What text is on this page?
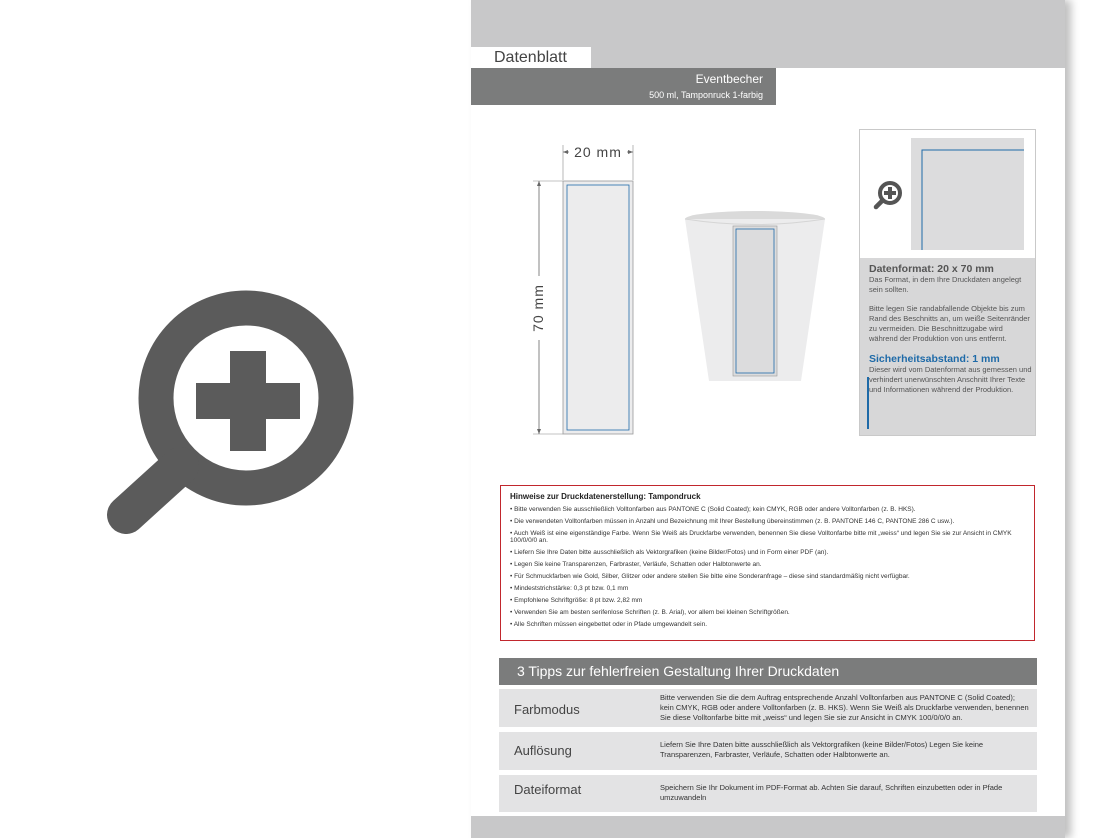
Datenblatt
Eventbecher
500 ml, Tamponruck 1-farbig
20 mm
70 mm
Datenformat: 20 x 70 mm

Das Format, in dem Ihre Druckdaten angelegt sein sollten.

Bitte legen Sie randabfallende Objekte bis zum Rand des Beschnitts an, um weiße Seitenränder zu vermeiden. Die Beschnittzugabe wird während der Produktion von uns entfernt.

Sicherheitsabstand: 1 mm

Dieser wird vom Datenformat aus gemessen und verhindert unerwünschten Anschnitt Ihrer Texte und Informationen während der Produktion.

Hinweise zur Druckdatenerstellung: Tampondruck
• Bitte verwenden Sie ausschließlich Volltonfarben aus PANTONE C (Solid Coated); kein CMYK, RGB oder andere Volltonfarben (z. B. HKS).
• Die verwendeten Volltonfarben müssen in Anzahl und Bezeichnung mit Ihrer Bestellung übereinstimmen (z. B. PANTONE 146 C, PANTONE 286 C usw.).
• Auch Weiß ist eine eigenständige Farbe. Wenn Sie Weiß als Druckfarbe verwenden, benennen Sie diese Volltonfarbe bitte mit „weiss“ und legen Sie sie zur Ansicht in CMYK 100/0/0/0 an.
• Liefern Sie Ihre Daten bitte ausschließlich als Vektorgrafiken (keine Bilder/Fotos) und in Form einer PDF (an).
• Legen Sie keine Transparenzen, Farbraster, Verläufe, Schatten oder Halbtonwerte an.
• Für Schmuckfarben wie Gold, Silber, Glitzer oder andere stellen Sie bitte eine Sonderanfrage – diese sind standardmäßig nicht verfügbar.
• Mindeststrichstärke: 0,3 pt bzw. 0,1 mm
• Empfohlene Schriftgröße: 8 pt bzw. 2,82 mm
• Verwenden Sie am besten serifenlose Schriften (z. B. Arial), vor allem bei kleinen Schriftgrößen.
• Alle Schriften müssen eingebettet oder in Pfade umgewandelt sein.
3 Tipps zur fehlerfreien Gestaltung Ihrer Druckdaten
Farbmodus
Bitte verwenden Sie die dem Auftrag entsprechende Anzahl Volltonfarben aus PANTONE C (Solid Coated); kein CMYK, RGB oder andere Volltonfarben (z. B. HKS). Wenn Sie Weiß als Druckfarbe verwenden, benennen Sie diese Volltonfarbe bitte mit „weiss“ und legen Sie sie zur Ansicht in CMYK 100/0/0/0 an.
Auflösung	Liefern Sie Ihre Daten bitte ausschließlich als Vektorgrafiken (keine Bilder/Fotos) Legen Sie keine Transparenzen, Farbraster, Verläufe, Schatten oder Halbtonwerte an.
Dateiformat	Speichern Sie Ihr Dokument im PDF-Format ab. Achten Sie darauf, Schriften einzubetten oder in Pfade umzuwandeln
